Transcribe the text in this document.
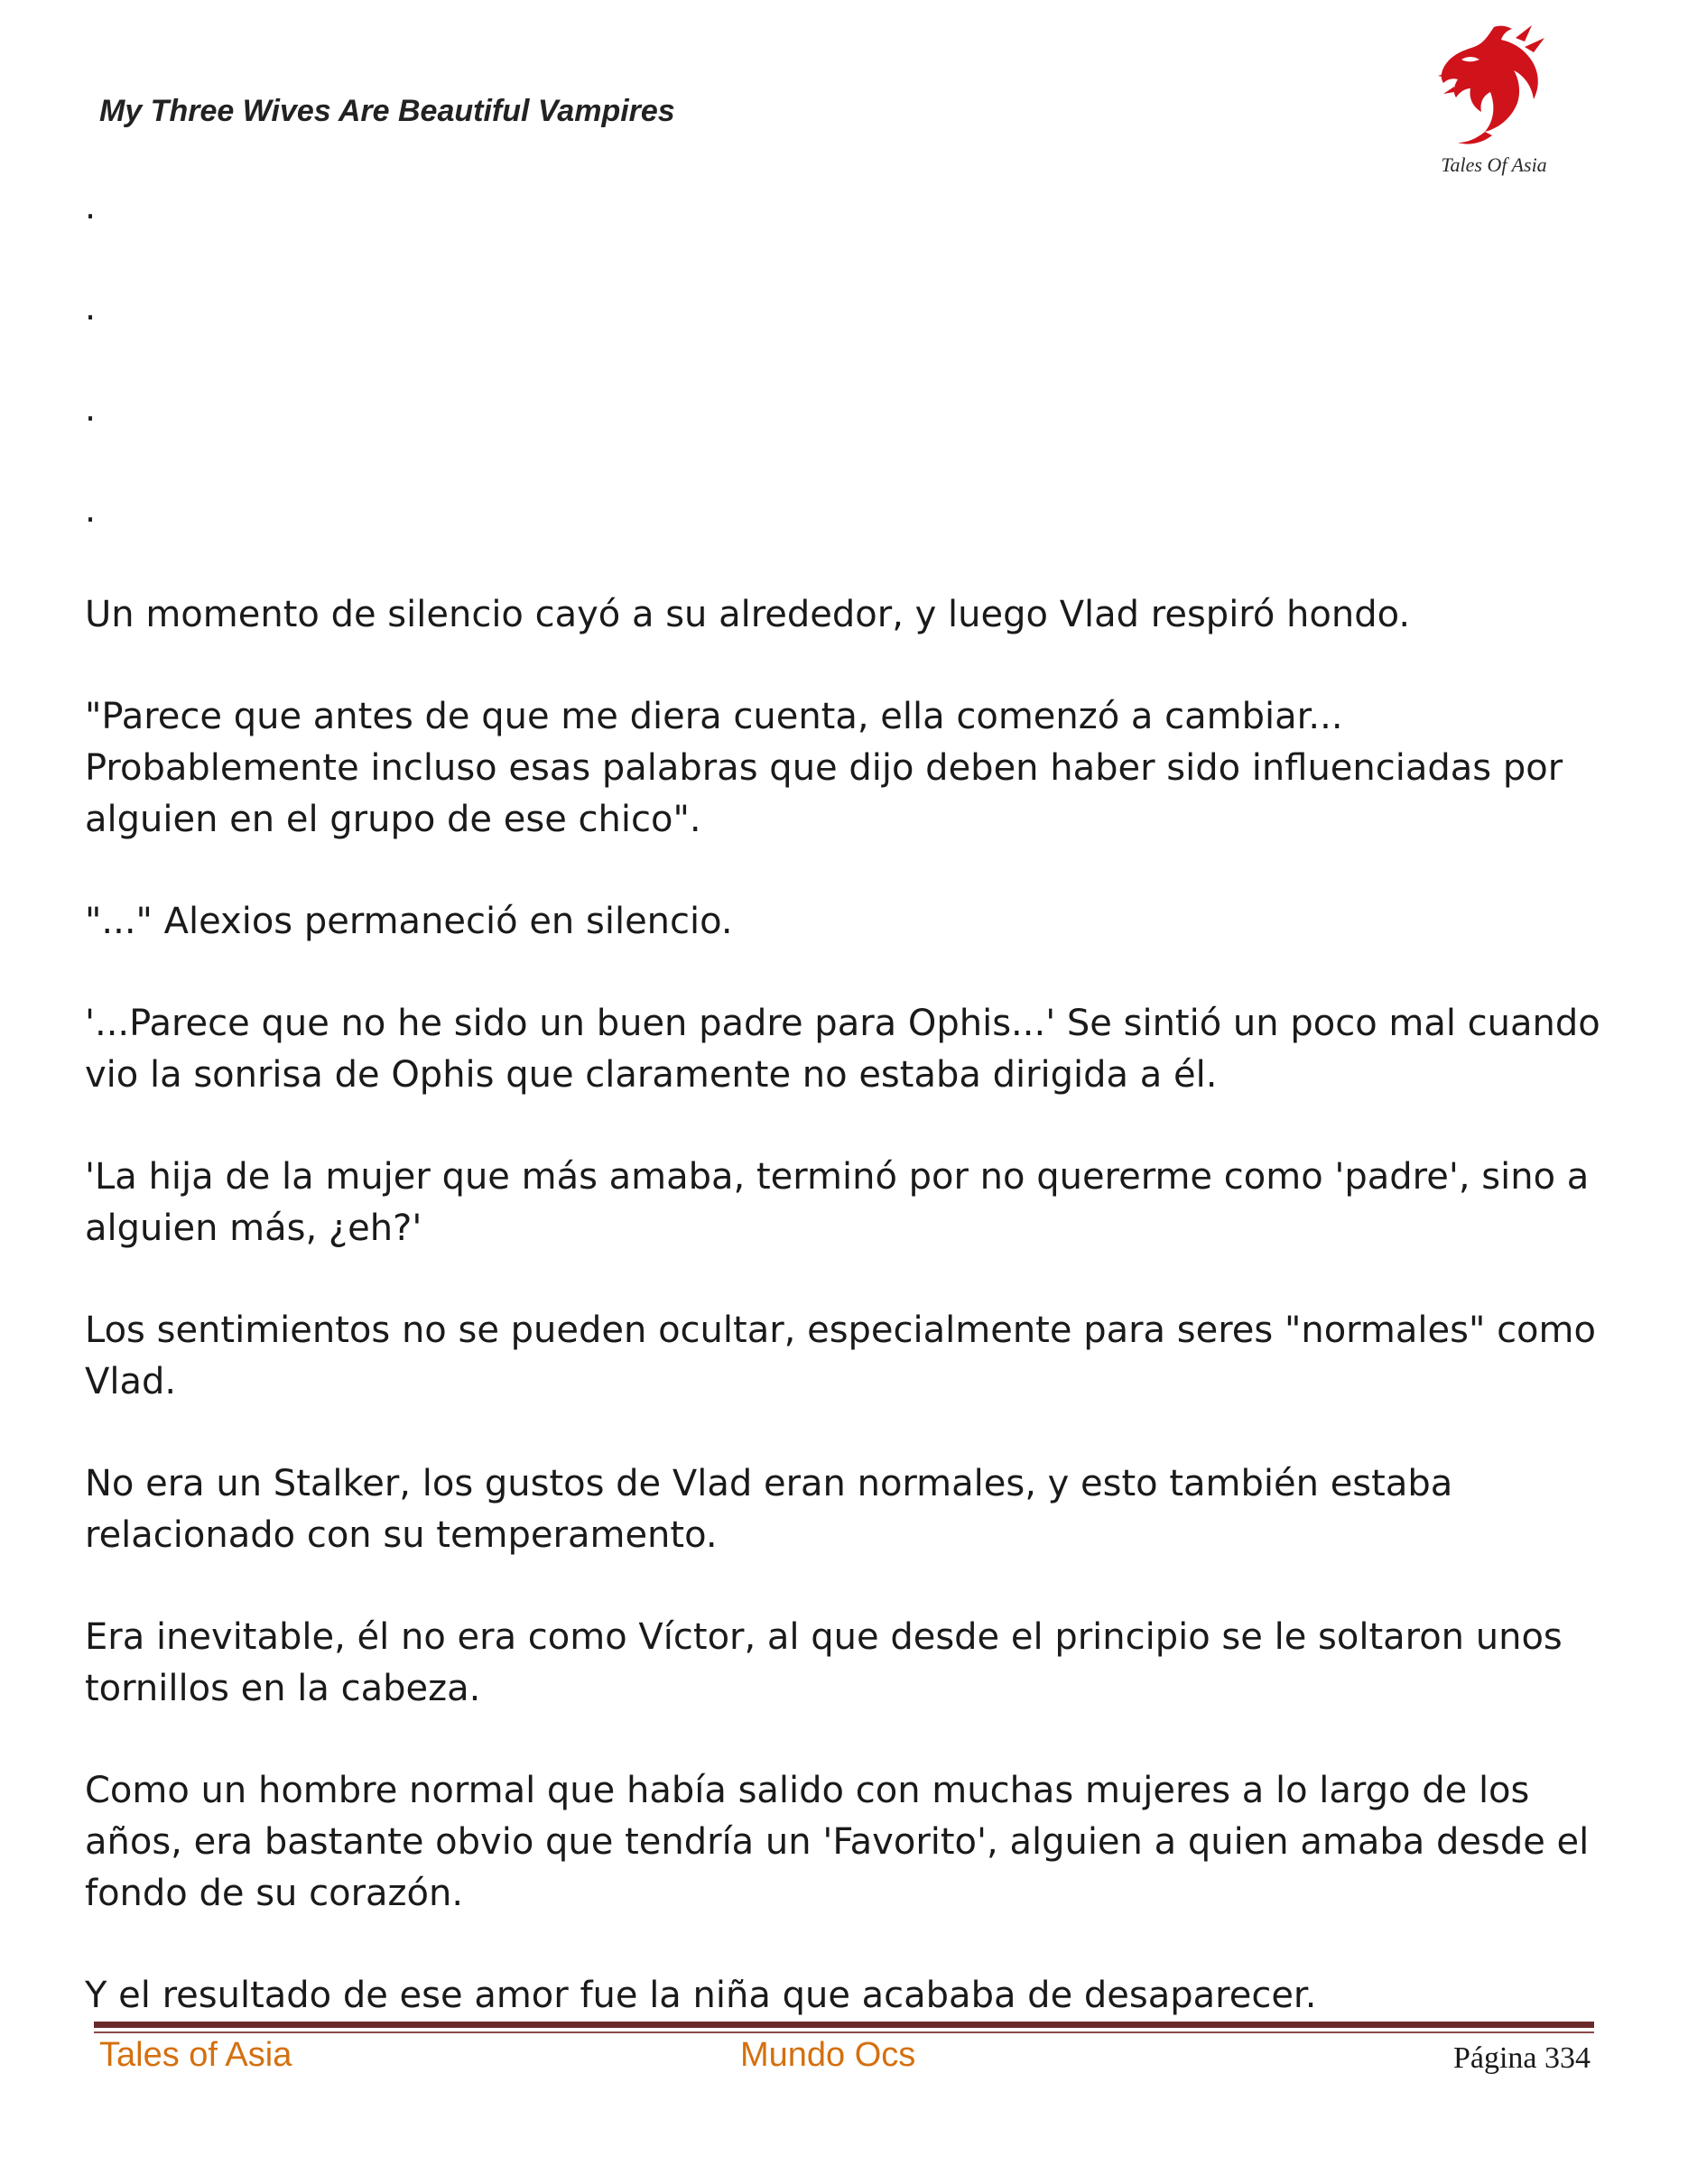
My Three Wives Are Beautiful Vampires
Tales Of Asia
.
.
.
.

Un momento de silencio cayó a su alrededor, y luego Vlad respiró hondo.

"Parece que antes de que me diera cuenta, ella comenzó a cambiar... Probablemente incluso esas palabras que dijo deben haber sido influenciadas por alguien en el grupo de ese chico".

"..." Alexios permaneció en silencio.

'...Parece que no he sido un buen padre para Ophis...' Se sintió un poco mal cuando vio la sonrisa de Ophis que claramente no estaba dirigida a él.

'La hija de la mujer que más amaba, terminó por no quererme como 'padre', sino a alguien más, ¿eh?'

Los sentimientos no se pueden ocultar, especialmente para seres "normales" como Vlad.

No era un Stalker, los gustos de Vlad eran normales, y esto también estaba relacionado con su temperamento.

Era inevitable, él no era como Víctor, al que desde el principio se le soltaron unos tornillos en la cabeza.

Como un hombre normal que había salido con muchas mujeres a lo largo de los años, era bastante obvio que tendría un 'Favorito', alguien a quien amaba desde el fondo de su corazón.

Y el resultado de ese amor fue la niña que acababa de desaparecer.

Tales of Asia	Mundo Ocs	Página 334
